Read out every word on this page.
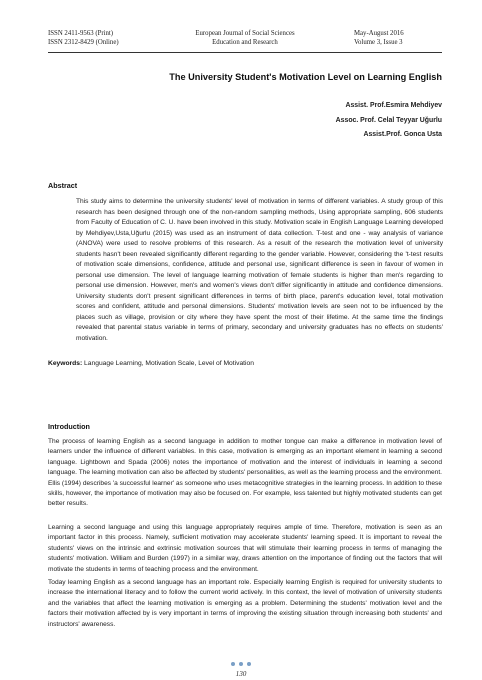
ISSN 2411-9563 (Print)
ISSN 2312-8429 (Online)
European Journal of Social Sciences
Education and Research
May-August 2016
Volume 3, Issue 3
The University Student's Motivation Level on Learning English
Assist. Prof.Esmira Mehdiyev
Assoc. Prof. Celal Teyyar Uğurlu
Assist.Prof. Gonca Usta
Abstract
This study aims to determine the university students' level of motivation in terms of different variables. A study group of this research has been designed through one of the non-random sampling methods, Using appropriate sampling, 606 students from Faculty of Education of C. U. have been involved in this study. Motivation scale in English Language Learning developed by Mehdiyev,Usta,Uğurlu (2015) was used as an instrument of data collection. T-test and one - way analysis of variance (ANOVA) were used to resolve problems of this research. As a result of the research the motivation level of university students hasn't been revealed significantly different regarding to the gender variable. However, considering the 't-test results of motivation scale dimensions, confidence, attitude and personal use, significant difference is seen in favour of women in personal use dimension. The level of language learning motivation of female students is higher than men's regarding to personal use dimension. However, men's and women's views don't differ significantly in attitude and confidence dimensions. University students don't present significant differences in terms of birth place, parent's education level, total motivation scores and confident, attitude and personal dimensions. Students' motivation levels are seen not to be influenced by the places such as village, provision or city where they have spent the most of their lifetime. At the same time the findings revealed that parental status variable in terms of primary, secondary and university graduates has no effects on students' motivation.
Keywords: Language Learning, Motivation Scale, Level of Motivation
Introduction

The process of learning English as a second language in addition to mother tongue can make a difference in motivation level of learners under the influence of different variables. In this case, motivation is emerging as an important element in learning a second language. Lightbown and Spada (2006) notes the importance of motivation and the interest of individuals in learning a second language. The learning motivation can also be affected by students' personalities, as well as the learning process and the environment. Ellis (1994) describes 'a successful learner' as someone who uses metacognitive strategies in the learning process. In addition to these skills, however, the importance of motivation may also be focused on. For example, less talented but highly motivated students can get better results.

Learning a second language and using this language appropriately requires ample of time. Therefore, motivation is seen as an important factor in this process. Namely, sufficient motivation may accelerate students' learning speed. It is important to reveal the students' views on the intrinsic and extrinsic motivation sources that will stimulate their learning process in terms of managing the students' motivation. William and Burden (1997) in a similar way, draws attention on the importance of finding out the factors that will motivate the students in terms of teaching process and the environment.

Today learning English as a second language has an important role. Especially learning English is required for university students to increase the international literacy and to follow the current world actively. In this context, the level of motivation of university students and the variables that affect the learning motivation is emerging as a problem. Determining the students' motivation level and the factors their motivation affected by is very important in terms of improving the existing situation through increasing both students' and instructors' awareness.

130
